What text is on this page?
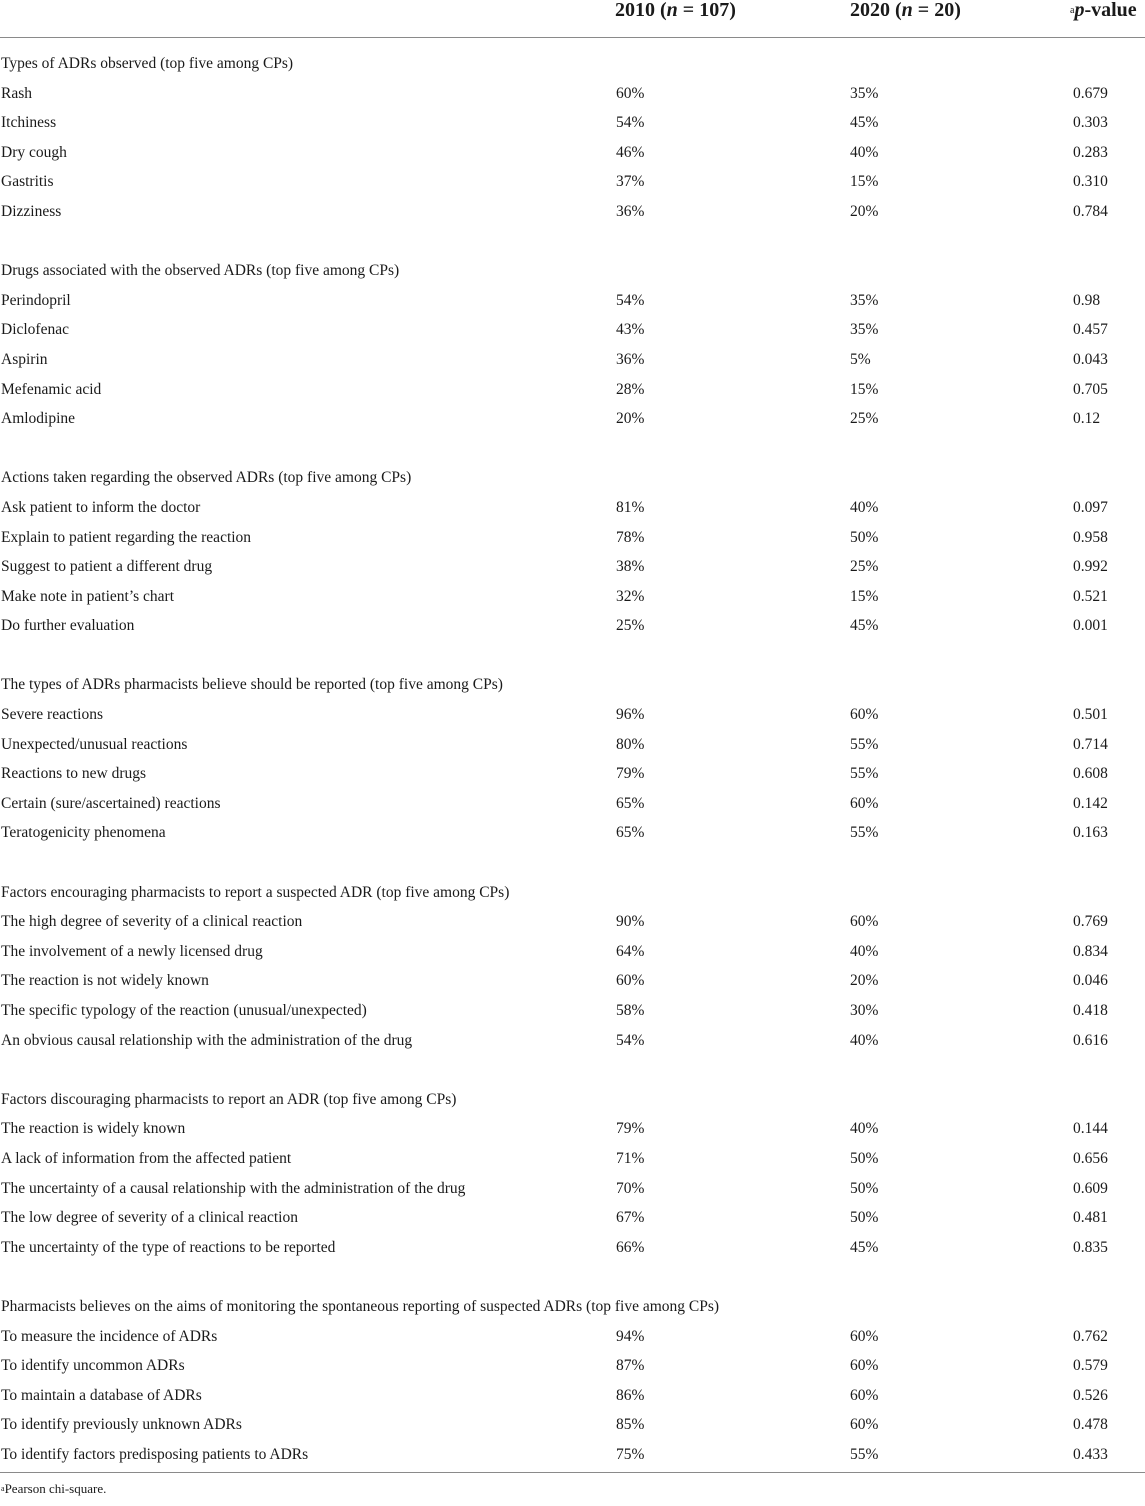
2010 (n = 107)	2020 (n = 20)	$^a$p-value
Types of ADRs observed (top five among CPs)
Rash	60%	35%	0.679
Itchiness	54%	45%	0.303
Dry cough	46%	40%	0.283
Gastritis	37%	15%	0.310
Dizziness	36%	20%	0.784
Drugs associated with the observed ADRs (top five among CPs)
Perindopril	54%	35%	0.98
Diclofenac	43%	35%	0.457
Aspirin	36%	5%	0.043
Mefenamic acid	28%	15%	0.705
Amlodipine	20%	25%	0.12
Actions taken regarding the observed ADRs (top five among CPs)
Ask patient to inform the doctor	81%	40%	0.097
Explain to patient regarding the reaction	78%	50%	0.958
Suggest to patient a different drug	38%	25%	0.992
Make note in patient’s chart	32%	15%	0.521
Do further evaluation	25%	45%	0.001
The types of ADRs pharmacists believe should be reported (top five among CPs)
Severe reactions	96%	60%	0.501
Unexpected/unusual reactions	80%	55%	0.714
Reactions to new drugs	79%	55%	0.608
Certain (sure/ascertained) reactions	65%	60%	0.142
Teratogenicity phenomena	65%	55%	0.163
Factors encouraging pharmacists to report a suspected ADR (top five among CPs)
The high degree of severity of a clinical reaction	90%	60%	0.769
The involvement of a newly licensed drug	64%	40%	0.834
The reaction is not widely known	60%	20%	0.046
The specific typology of the reaction (unusual/unexpected)	58%	30%	0.418
An obvious causal relationship with the administration of the drug	54%	40%	0.616
Factors discouraging pharmacists to report an ADR (top five among CPs)
The reaction is widely known	79%	40%	0.144
A lack of information from the affected patient	71%	50%	0.656
The uncertainty of a causal relationship with the administration of the drug	70%	50%	0.609
The low degree of severity of a clinical reaction	67%	50%	0.481
The uncertainty of the type of reactions to be reported	66%	45%	0.835
Pharmacists believes on the aims of monitoring the spontaneous reporting of suspected ADRs (top five among CPs)
To measure the incidence of ADRs	94%	60%	0.762
To identify uncommon ADRs	87%	60%	0.579
To maintain a database of ADRs	86%	60%	0.526
To identify previously unknown ADRs	85%	60%	0.478
To identify factors predisposing patients to ADRs	75%	55%	0.433
$^a$Pearson chi-square.
